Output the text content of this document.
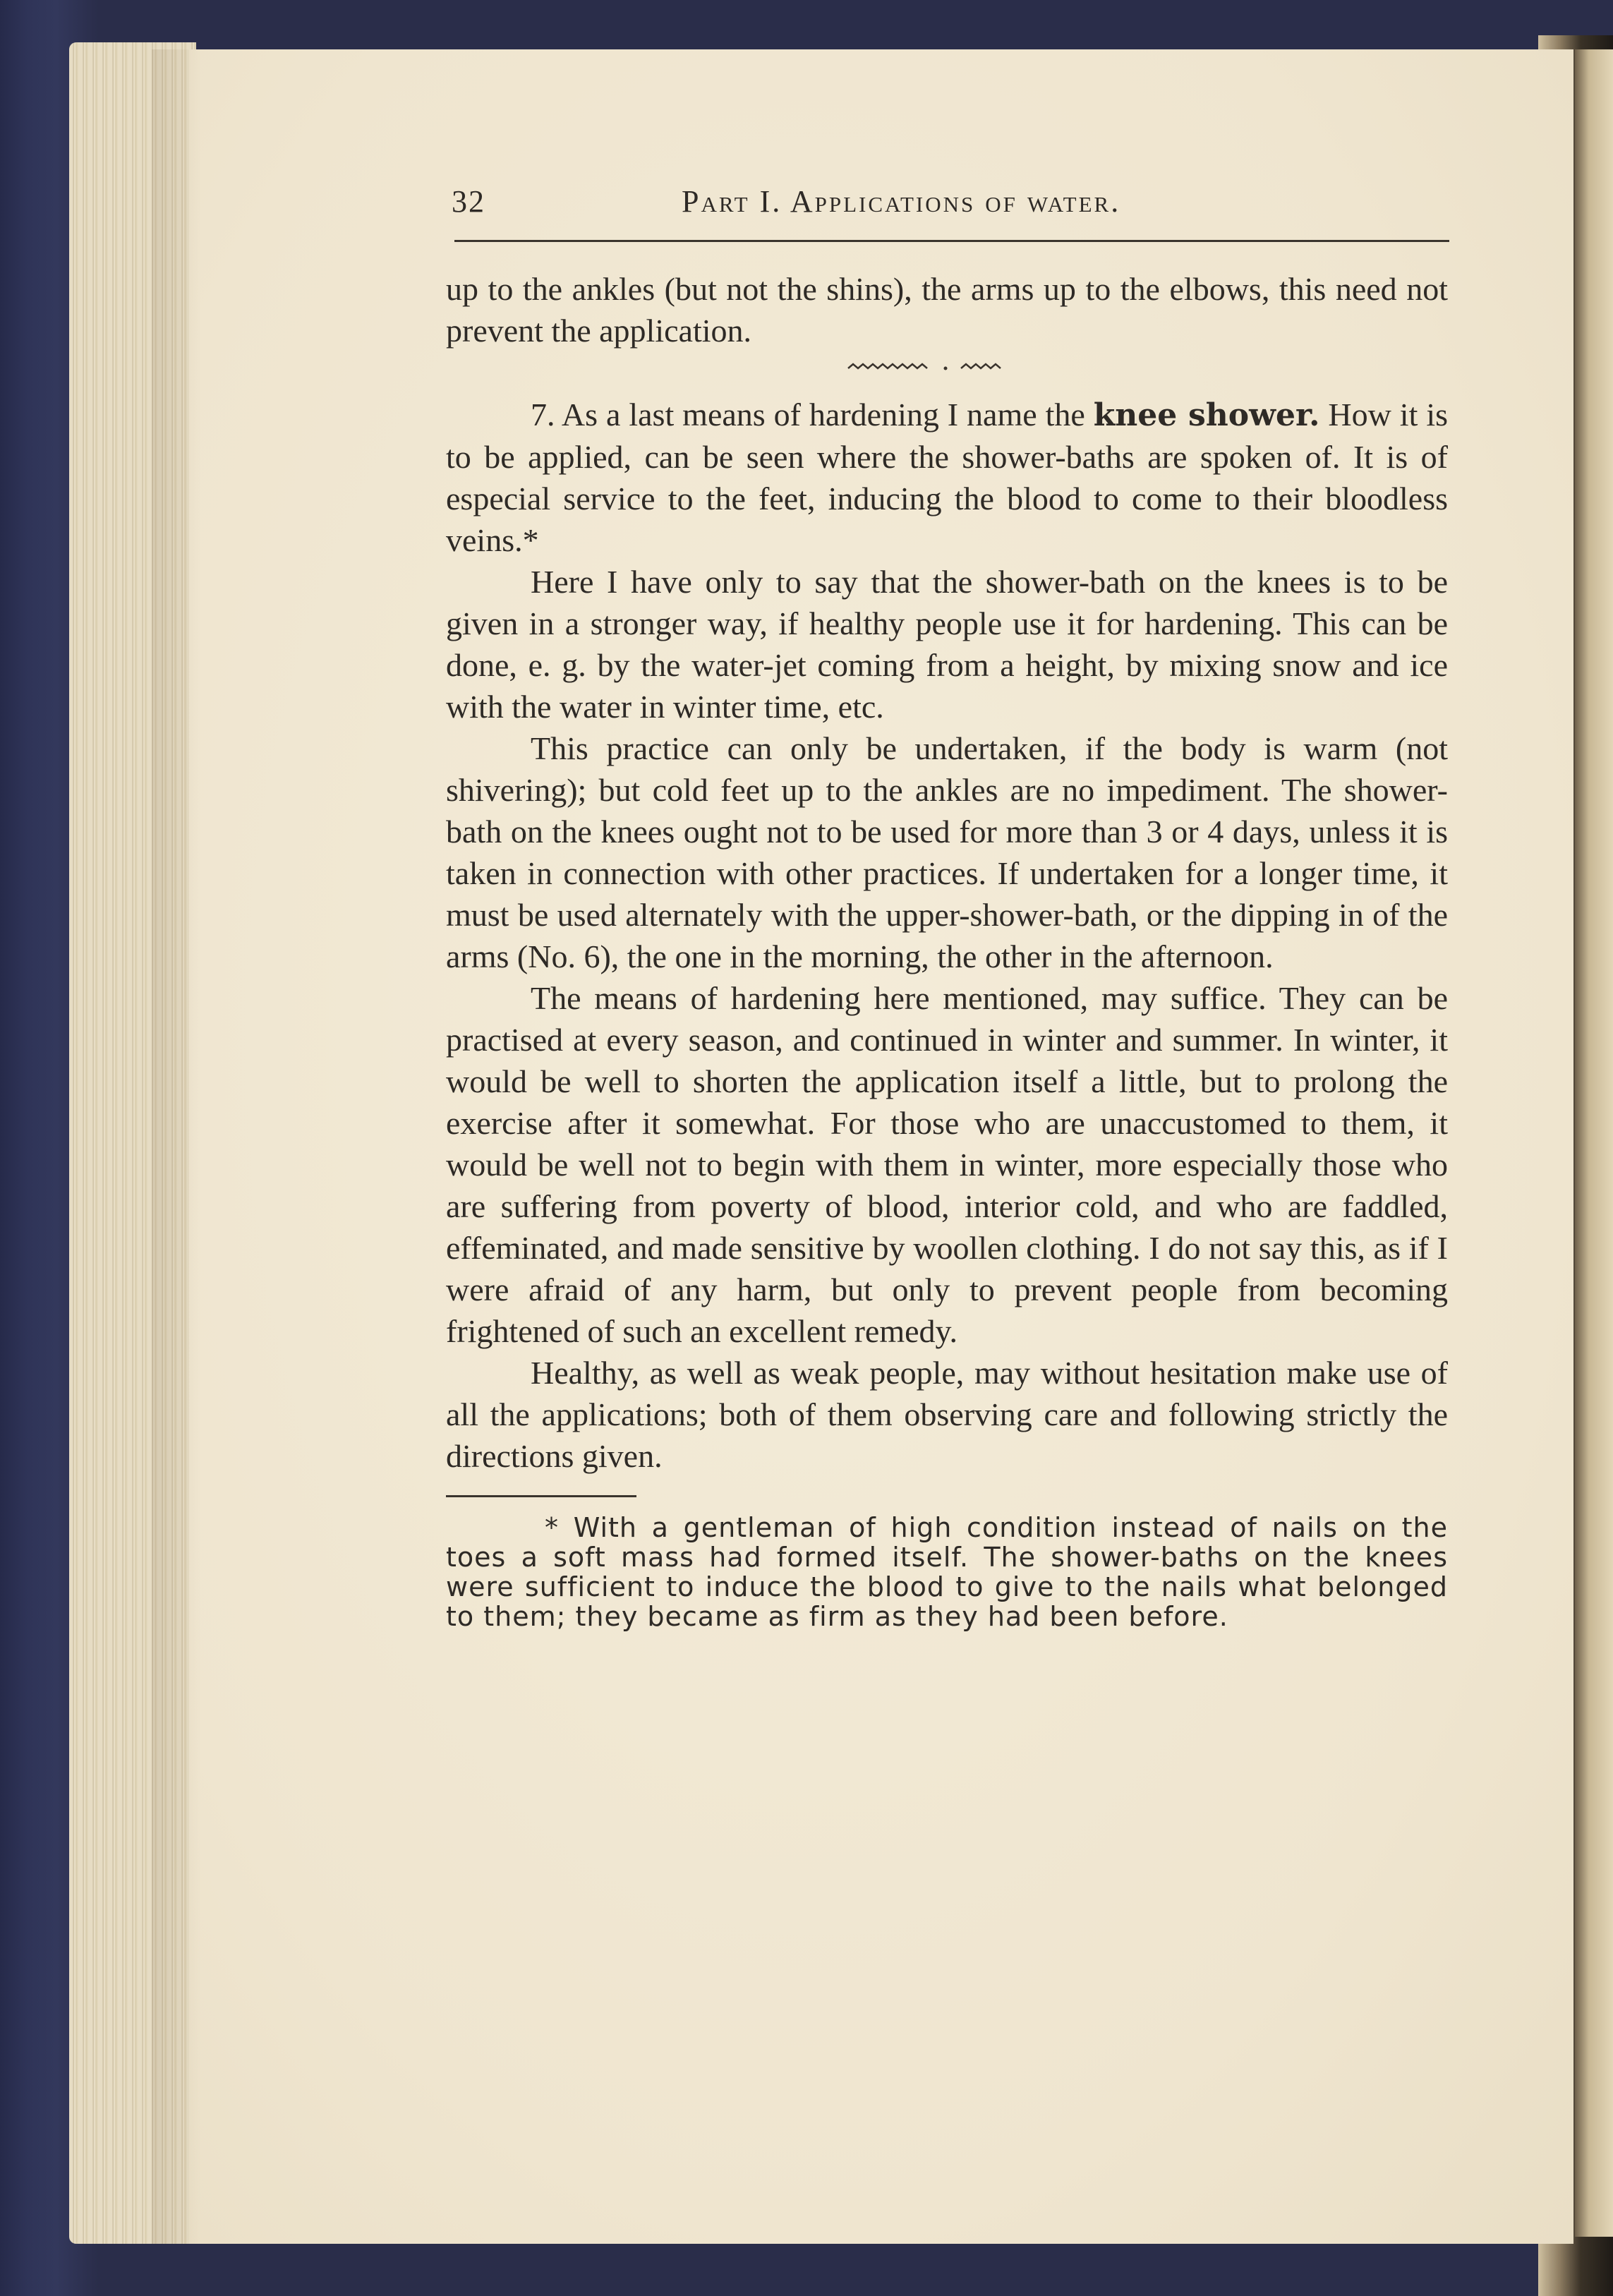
32	Part I. Applications of water.

up to the ankles (but not the shins), the arms up to the elbows, this need not prevent the application.

7. As a last means of hardening I name the knee shower. How it is to be applied, can be seen where the shower-baths are spoken of. It is of especial service to the feet, inducing the blood to come to their bloodless veins.*

Here I have only to say that the shower-bath on the knees is to be given in a stronger way, if healthy people use it for hardening. This can be done, e. g. by the water-jet coming from a height, by mixing snow and ice with the water in winter time, etc.

This practice can only be undertaken, if the body is warm (not shivering); but cold feet up to the ankles are no impediment. The shower-bath on the knees ought not to be used for more than 3 or 4 days, unless it is taken in connection with other practices. If undertaken for a longer time, it must be used alternately with the upper-shower-bath, or the dipping in of the arms (No. 6), the one in the morning, the other in the afternoon.

The means of hardening here mentioned, may suffice. They can be practised at every season, and continued in winter and summer. In winter, it would be well to shorten the application itself a little, but to prolong the exercise after it somewhat. For those who are unaccustomed to them, it would be well not to begin with them in winter, more especially those who are suffering from poverty of blood, interior cold, and who are faddled, effeminated, and made sensitive by woollen clothing. I do not say this, as if I were afraid of any harm, but only to prevent people from becoming frightened of such an excellent remedy.

Healthy, as well as weak people, may without hesitation make use of all the applications; both of them observing care and following strictly the directions given.

* With a gentleman of high condition instead of nails on the toes a soft mass had formed itself. The shower-baths on the knees were sufficient to induce the blood to give to the nails what belonged to them; they became as firm as they had been before.
